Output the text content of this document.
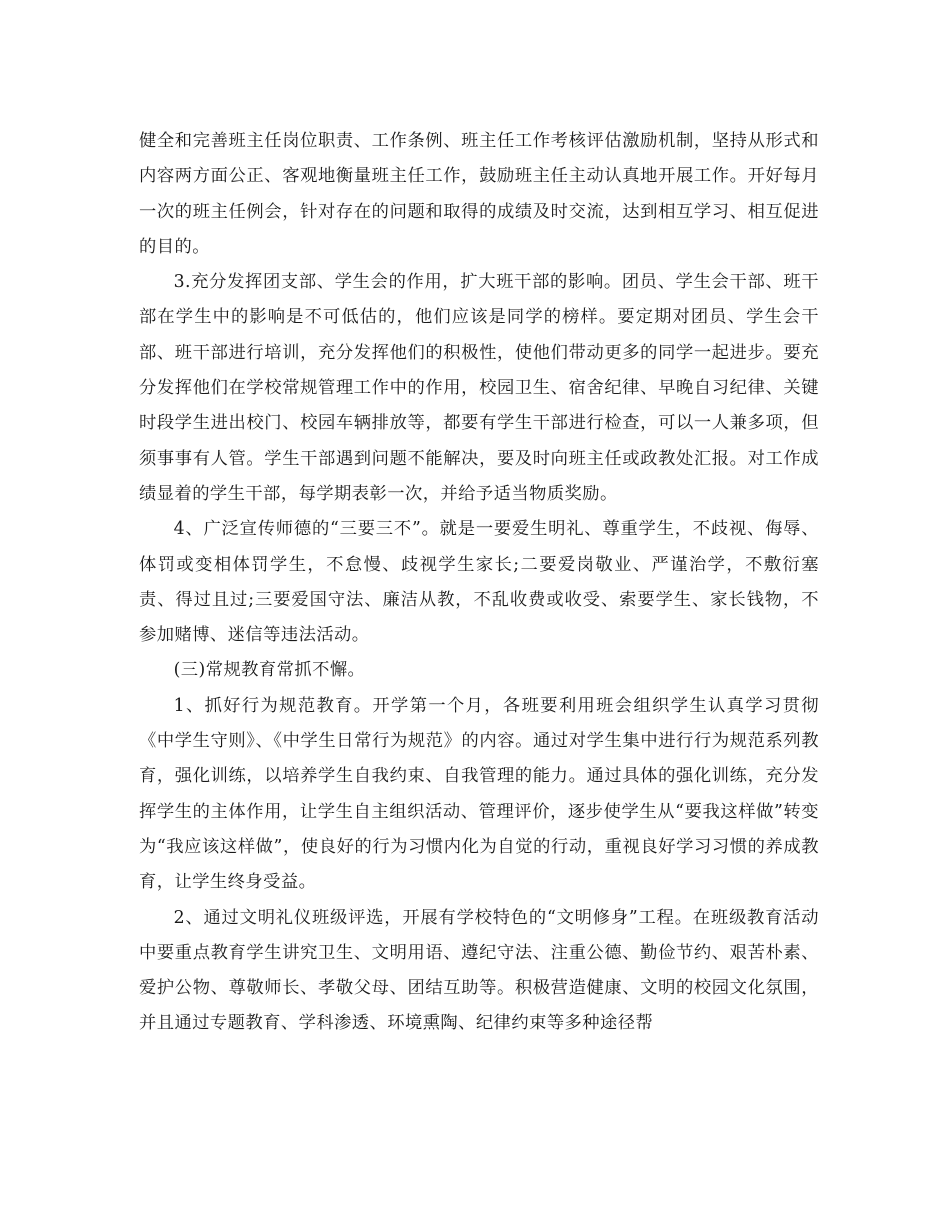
健全和完善班主任岗位职责、工作条例、班主任工作考核评估激励机制，坚持从形式和内容两方面公正、客观地衡量班主任工作，鼓励班主任主动认真地开展工作。开好每月一次的班主任例会，针对存在的问题和取得的成绩及时交流，达到相互学习、相互促进的目的。

3.充分发挥团支部、学生会的作用，扩大班干部的影响。团员、学生会干部、班干部在学生中的影响是不可低估的，他们应该是同学的榜样。要定期对团员、学生会干部、班干部进行培训，充分发挥他们的积极性，使他们带动更多的同学一起进步。要充分发挥他们在学校常规管理工作中的作用，校园卫生、宿舍纪律、早晚自习纪律、关键时段学生进出校门、校园车辆排放等，都要有学生干部进行检查，可以一人兼多项，但须事事有人管。学生干部遇到问题不能解决，要及时向班主任或政教处汇报。对工作成绩显着的学生干部，每学期表彰一次，并给予适当物质奖励。

4、广泛宣传师德的“三要三不”。就是一要爱生明礼、尊重学生，不歧视、侮辱、体罚或变相体罚学生，不怠慢、歧视学生家长;二要爱岗敬业、严谨治学，不敷衍塞责、得过且过;三要爱国守法、廉洁从教，不乱收费或收受、索要学生、家长钱物，不参加赌博、迷信等违法活动。

(三)常规教育常抓不懈。

1、抓好行为规范教育。开学第一个月，各班要利用班会组织学生认真学习贯彻《中学生守则》、《中学生日常行为规范》的内容。通过对学生集中进行行为规范系列教育，强化训练，以培养学生自我约束、自我管理的能力。通过具体的强化训练，充分发挥学生的主体作用，让学生自主组织活动、管理评价，逐步使学生从“要我这样做”转变为“我应该这样做”，使良好的行为习惯内化为自觉的行动，重视良好学习习惯的养成教育，让学生终身受益。

2、通过文明礼仪班级评选，开展有学校特色的“文明修身”工程。在班级教育活动中要重点教育学生讲究卫生、文明用语、遵纪守法、注重公德、勤俭节约、艰苦朴素、爱护公物、尊敬师长、孝敬父母、团结互助等。积极营造健康、文明的校园文化氛围，并且通过专题教育、学科渗透、环境熏陶、纪律约束等多种途径帮
